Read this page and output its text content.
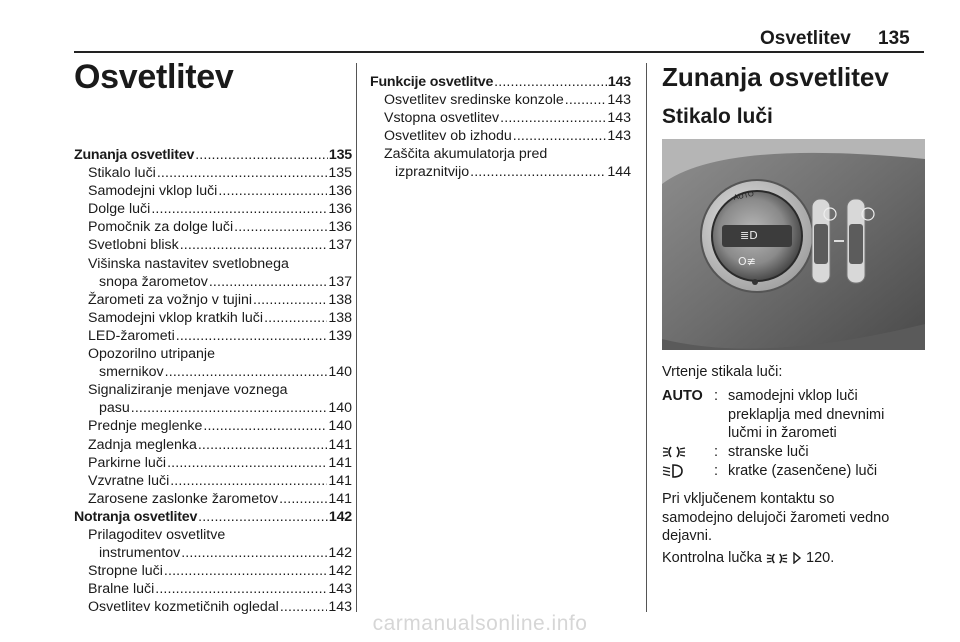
Osvetlitev 135
Osvetlitev
Zunanja osvetlitev . . .	135
Stikalo luči . . .	135
Samodejni vklop luči . . .	136
Dolge luči . . .	136
Pomočnik za dolge luči . . .	136
Svetlobni blisk . . .	137
Višinska nastavitev svetlobnega
snopa žarometov . . .	137
Žarometi za vožnjo v tujini . . .	138
Samodejni vklop kratkih luči . . .	138
LED-žarometi . . .	139
Opozorilno utripanje
smernikov . . .	140
Signaliziranje menjave voznega
pasu . . .	140
Prednje meglenke . . .	140
Zadnja meglenka . . .	141
Parkirne luči . . .	141
Vzvratne luči . . .	141
Zarosene zaslonke žarometov . . .	141
Notranja osvetlitev . . .	142
Prilagoditev osvetlitve
instrumentov . . .	142
Stropne luči . . .	142
Bralne luči . . .	143
Osvetlitev kozmetičnih ogledal . . .	143
Funkcije osvetlitve . . .	143
Osvetlitev sredinske konzole . . .	143
Vstopna osvetlitev . . .	143
Osvetlitev ob izhodu . . .	143
Zaščita akumulatorja pred
izpraznitvijo . . .	144
Zunanja osvetlitev
Stikalo luči
AUTO
≣D
O≢
Vrtenje stikala luči:
AUTO : samodejni vklop luči
preklaplja med dnevnimi
lučmi in žarometi
: stranske luči
: kratke (zasenčene) luči
Pri vključenem kontaktu so
samodejno delujoči žarometi vedno
dejavni.
Kontrolna lučka	120.
carmanualsonline.info
